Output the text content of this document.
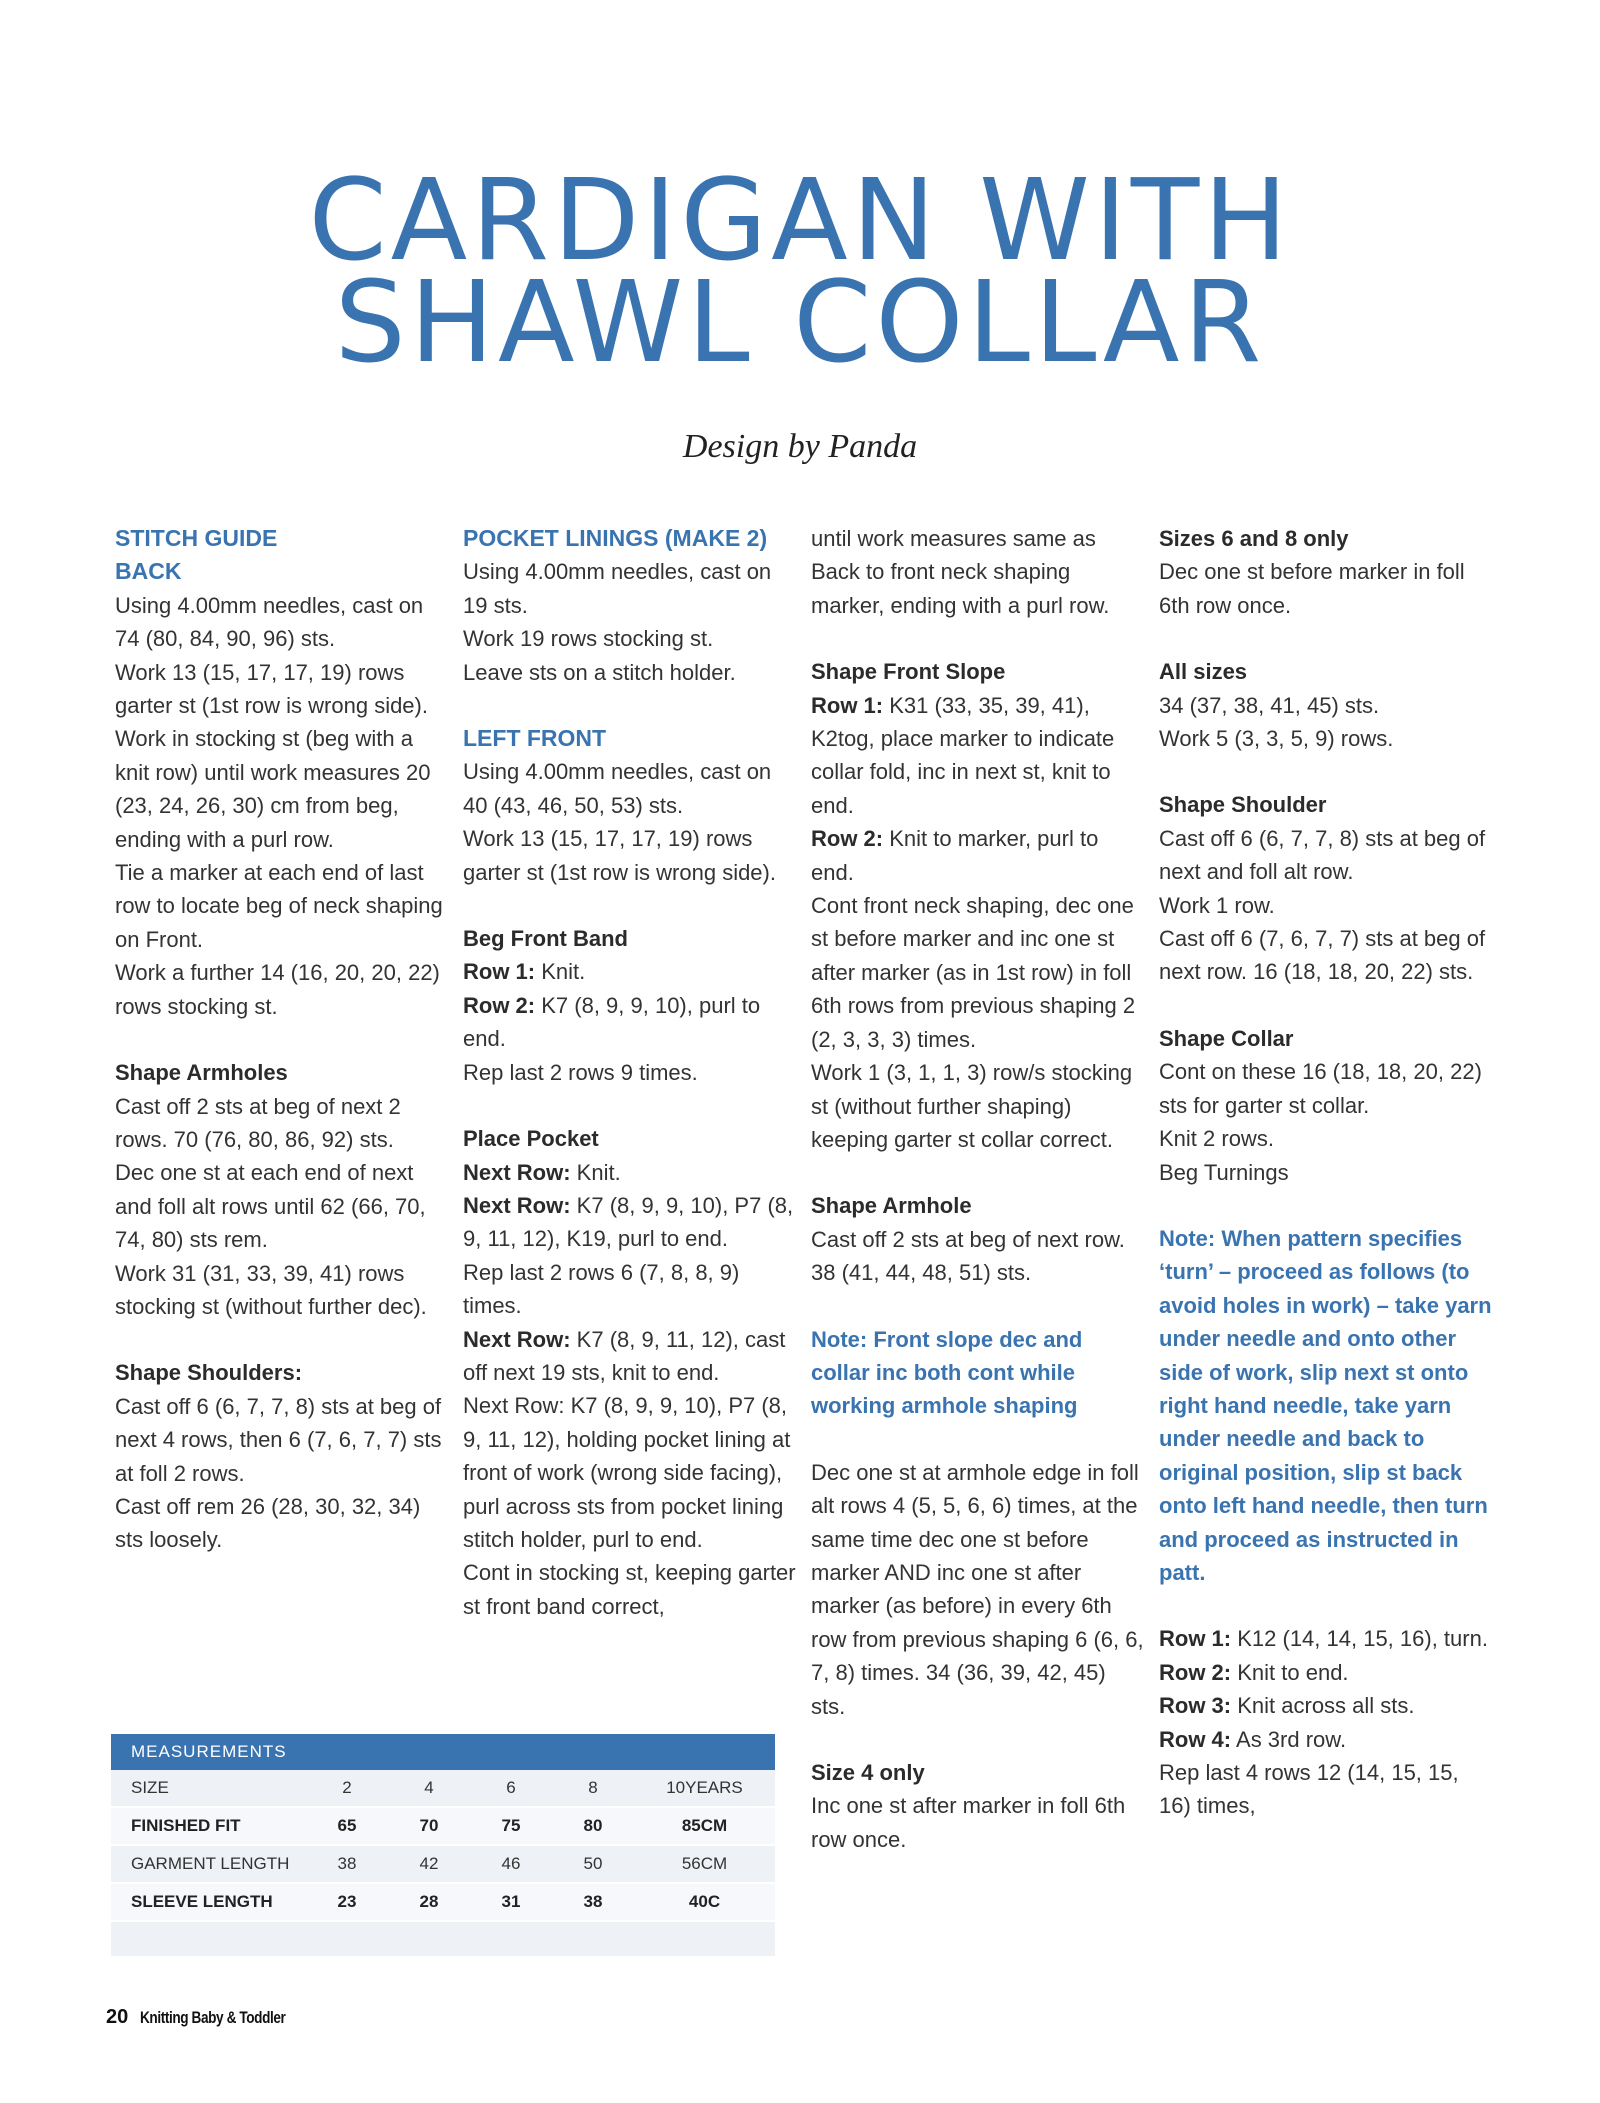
CARDIGAN WITH
SHAWL COLLAR
Design by Panda

STITCH GUIDE

BACK

Using 4.00mm needles, cast on 74 (80, 84, 90, 96) sts.

Work 13 (15, 17, 17, 19) rows garter st (1st row is wrong side).

Work in stocking st (beg with a knit row) until work measures 20 (23, 24, 26, 30) cm from beg, ending with a purl row.

Tie a marker at each end of last row to locate beg of neck shaping on Front.

Work a further 14 (16, 20, 20, 22) rows stocking st.

Shape Armholes

Cast off 2 sts at beg of next 2 rows. 70 (76, 80, 86, 92) sts.

Dec one st at each end of next and foll alt rows until 62 (66, 70, 74, 80) sts rem.

Work 31 (31, 33, 39, 41) rows stocking st (without further dec).

Shape Shoulders:

Cast off 6 (6, 7, 7, 8) sts at beg of next 4 rows, then 6 (7, 6, 7, 7) sts at foll 2 rows.

Cast off rem 26 (28, 30, 32, 34) sts loosely.

POCKET LININGS (MAKE 2)

Using 4.00mm needles, cast on 19 sts.

Work 19 rows stocking st.

Leave sts on a stitch holder.

LEFT FRONT

Using 4.00mm needles, cast on 40 (43, 46, 50, 53) sts.

Work 13 (15, 17, 17, 19) rows garter st (1st row is wrong side).

Beg Front Band

Row 1: Knit.

Row 2: K7 (8, 9, 9, 10), purl to end.

Rep last 2 rows 9 times.

Place Pocket

Next Row: Knit.

Next Row: K7 (8, 9, 9, 10), P7 (8, 9, 11, 12), K19, purl to end.

Rep last 2 rows 6 (7, 8, 8, 9) times.

Next Row: K7 (8, 9, 11, 12), cast off next 19 sts, knit to end.

Next Row: K7 (8, 9, 9, 10), P7 (8, 9, 11, 12), holding pocket lining at front of work (wrong side facing), purl across sts from pocket lining stitch holder, purl to end.

Cont in stocking st, keeping garter st front band correct,

until work measures same as Back to front neck shaping marker, ending with a purl row.

Shape Front Slope

Row 1: K31 (33, 35, 39, 41), K2tog, place marker to indicate collar fold, inc in next st, knit to end.

Row 2: Knit to marker, purl to end.

Cont front neck shaping, dec one st before marker and inc one st after marker (as in 1st row) in foll 6th rows from previous shaping 2 (2, 3, 3, 3) times.

Work 1 (3, 1, 1, 3) row/s stocking st (without further shaping) keeping garter st collar correct.

Shape Armhole

Cast off 2 sts at beg of next row. 38 (41, 44, 48, 51) sts.

Note: Front slope dec and collar inc both cont while working armhole shaping

Dec one st at armhole edge in foll alt rows 4 (5, 5, 6, 6) times, at the same time dec one st before marker AND inc one st after marker (as before) in every 6th row from previous shaping 6 (6, 6, 7, 8) times. 34 (36, 39, 42, 45) sts.

Size 4 only

Inc one st after marker in foll 6th row once.

Sizes 6 and 8 only

Dec one st before marker in foll 6th row once.

All sizes

34 (37, 38, 41, 45) sts.

Work 5 (3, 3, 5, 9) rows.

Shape Shoulder

Cast off 6 (6, 7, 7, 8) sts at beg of next and foll alt row.

Work 1 row.

Cast off 6 (7, 6, 7, 7) sts at beg of next row. 16 (18, 18, 20, 22) sts.

Shape Collar

Cont on these 16 (18, 18, 20, 22) sts for garter st collar.

Knit 2 rows.

Beg Turnings

Note: When pattern specifies ‘turn’ – proceed as follows (to avoid holes in work) – take yarn under needle and onto other side of work, slip next st onto right hand needle, take yarn under needle and back to original position, slip st back onto left hand needle, then turn and proceed as instructed in patt.

Row 1: K12 (14, 14, 15, 16), turn.

Row 2: Knit to end.

Row 3: Knit across all sts.

Row 4: As 3rd row.

Rep last 4 rows 12 (14, 15, 15, 16) times,

MEASUREMENTS					
SIZE	2	4	6	8	10YEARS
FINISHED FIT	65	70	75	80	85CM
GARMENT LENGTH	38	42	46	50	56CM
SLEEVE LENGTH	23	28	31	38	40C

20 Knitting Baby & Toddler
